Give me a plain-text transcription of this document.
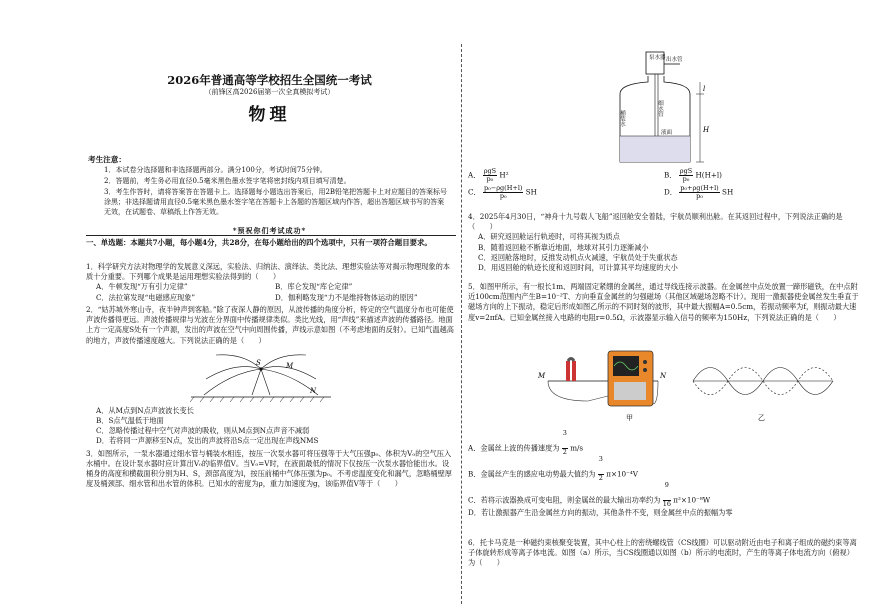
2026年普通高等学校招生全国统一考试
（前锋区高2026届第一次全真模拟考试）
物理
考生注意：
1．本试卷分选择题和非选择题两部分。满分100分，考试时间75分钟。
2．答题前，考生务必用直径0.5毫米黑色墨水签字笔将密封线内项目填写清楚。
3．考生作答时，请将答案答在答题卡上。选择题每小题选出答案后，用2B铅笔把答题卡上对应题目的答案标号涂黑；非选择题请用直径0.5毫米黑色墨水签字笔在答题卡上各题的答题区域内作答，超出答题区域书写的答案无效，在试题卷、草稿纸上作答无效。
*预祝你们考试成功*
一、单选题：本题共7小题，每小题4分，共28分，在每小题给出的四个选项中，只有一项符合题目要求。
1．科学研究方法对物理学的发展意义深远，实验法、归纳法、演绎法、类比法、理想实验法等对揭示物理现象的本质十分重要。下列哪个成果是运用理想实验法得到的（　　）
A．牛顿发现“万有引力定律”	B．库仑发现“库仑定律”
C．法拉第发现“电磁感应现象”	D．伽利略发现“力不是维持物体运动的原因”
2．“姑苏城外寒山寺，夜半钟声到客船。”除了夜深人静的原因，从波传播的角度分析，特定的空气温度分布也可能使声波传播得更远。声波传播规律与光波在分界面中传播规律类似。类比光线，用“声线”来描述声波的传播路径。地面上方一定高度S处有一个声源，发出的声波在空气中向周围传播，声线示意如图（不考虑地面的反射）。已知气温越高的地方，声波传播速度越大。下列说法正确的是（　　）
S	M
N
A．从M点到N点声波波长变长
B．S点气温低于地面
C．忽略传播过程中空气对声波的吸收，则从M点到N点声音不减弱
D．若将同一声源移至N点，发出的声波将沿S点一定出现在声线NMS
3．如图所示，一泵水器通过细水管与桶装水相连，按压一次泵水器可将压强等于大气压强p₀、体积为V₀的空气压入水桶中。在设计泵水器时应计算出V₀的临界值V。当V₀=V时，在液面最低的情况下仅按压一次泵水器恰能出水。设桶身的高度和横截面积分别为H、S，颈部高度为l，按压前桶中气体压强为p₀。不考虑温度变化和漏气，忽略桶壁厚度及桶颈部、细水管和出水管的体积。已知水的密度为ρ，重力加速度为g，该临界值V等于（　　）
泵水器 出水管
桶装水
细水管
液面	H
l
A． $\frac{\text{ρgS}}{\text{p₀}} H^2$	B． $\frac{\text{ρgS}}{\text{p₀}} H(H+l)$
C． $\frac{\text{p₀−ρg(H+l)}}{\text{p₀}}$ SH	D． $\frac{\text{p₀+ρg(H+l)}}{\text{p₀}}$ SH
4．2025年4月30日，“神舟十九号载人飞船”返回舱安全着陆，宇航员顺利出舱。在其返回过程中，下列说法正确的是（　　）
A．研究返回舱运行轨迹时，可将其视为质点
B．随着返回舱不断靠近地面，地球对其引力逐渐减小
C．返回舱落地时，反推发动机点火减速，宇航员处于失重状态
D．用返回舱的轨迹长度和返回时间，可计算其平均速度的大小
5．如图甲所示，有一根长1m、两端固定紧绷的金属丝，通过导线连接示波器。在金属丝中点处放置一蹄形磁铁，在中点附近100cm范围内产生B=10⁻²T、方向垂直金属丝的匀强磁场（其他区域磁场忽略不计）。现用一激振器使金属丝发生垂直于磁场方向的上下振动，稳定后形成如图乙所示的不同时刻的波形，其中最大振幅A=0.5cm，若振动频率为f，则振动最大速度v=2πfA。已知金属丝接入电路的电阻r=0.5Ω，示波器显示输入信号的频率为150Hz，下列说法正确的是（　　）
M	N
甲	乙
A．金属丝上波的传播速度为 $\frac{3}{2} m/s$
B．金属丝产生的感应电动势最大值约为 $\frac{3}{2} \pi\times 10^{-4}V$
C．若将示波器换成可变电阻，则金属丝的最大输出功率约为 $\frac{9}{16} \pi^2\times 10^{-8}W$
D．若让激振器产生沿金属丝方向的振动，其他条件不变，则金属丝中点的振幅为零
6．托卡马克是一种磁约束核聚变装置，其中心柱上的密绕螺线管（CS线圈）可以驱动附近由电子和离子组成的磁约束等离子体旋转形成等离子体电流。如图（a）所示，当CS线圈通以如图（b）所示的电流时，产生的等离子体电流方向（俯视）为（　　）
